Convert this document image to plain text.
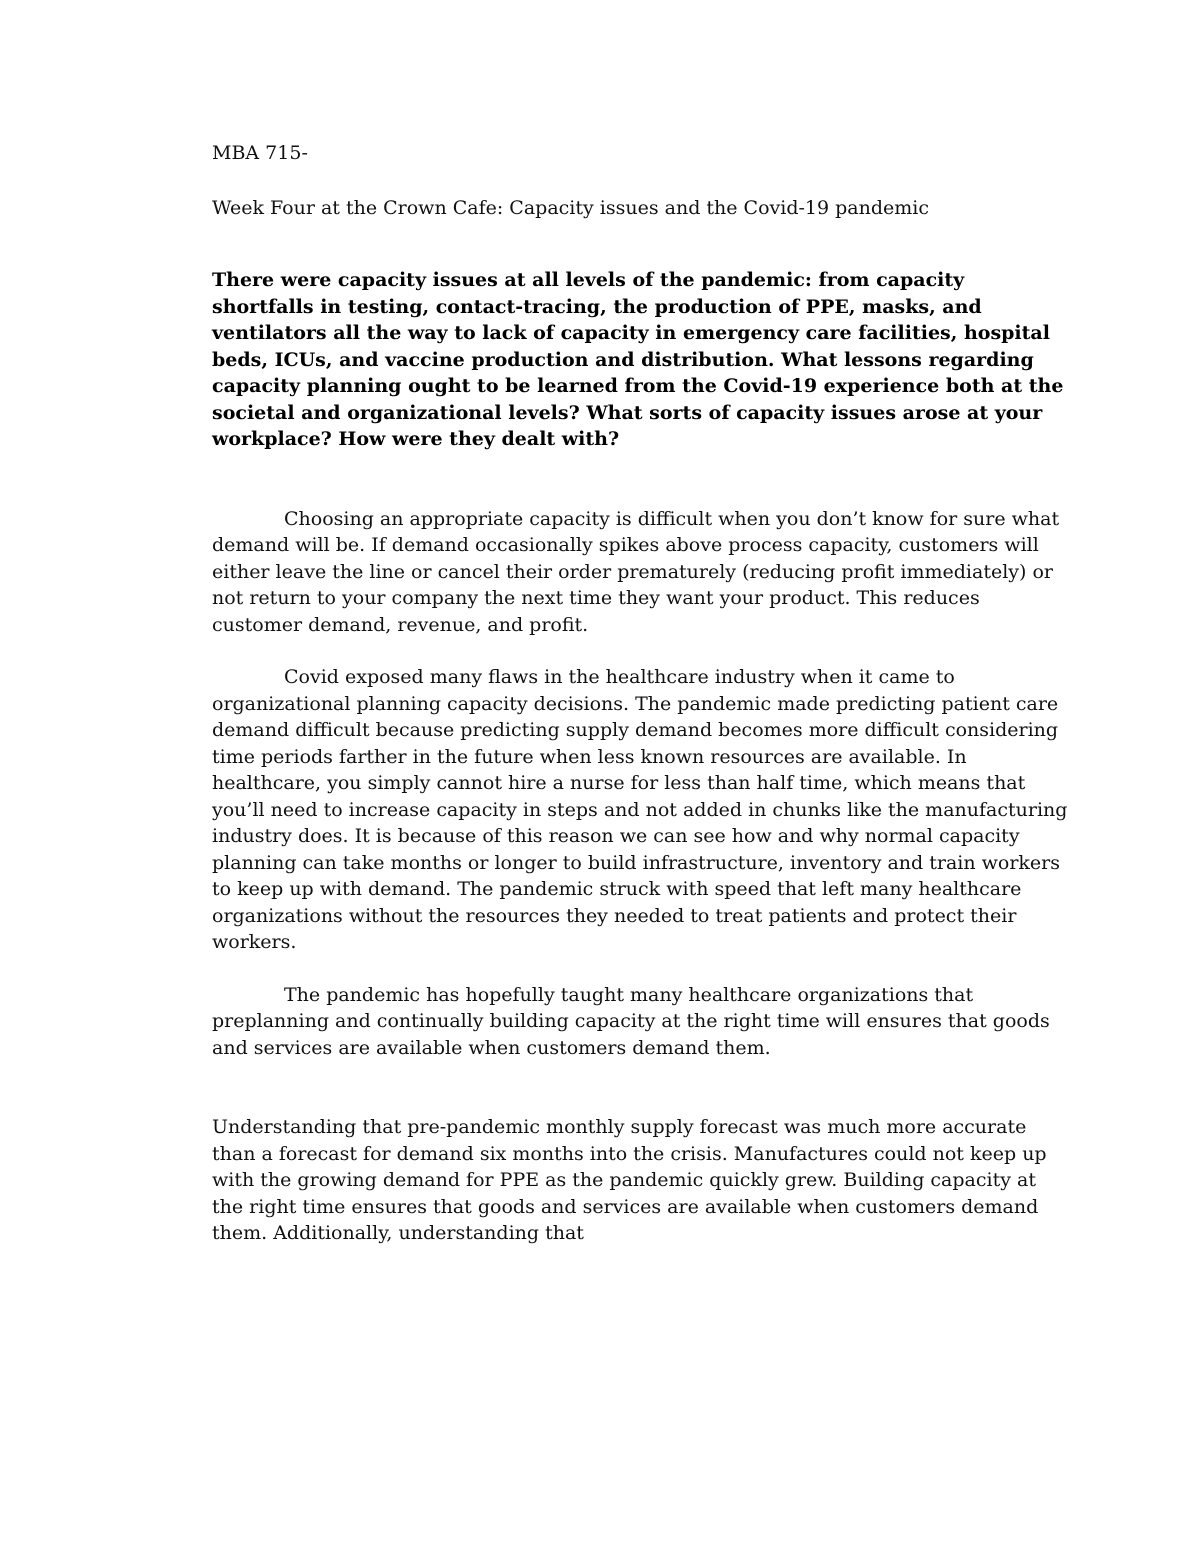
MBA 715-

Week Four at the Crown Cafe: Capacity issues and the Covid-19 pandemic

There were capacity issues at all levels of the pandemic: from capacity shortfalls in testing, contact-tracing, the production of PPE, masks, and ventilators all the way to lack of capacity in emergency care facilities, hospital beds, ICUs, and vaccine production and distribution. What lessons regarding capacity planning ought to be learned from the Covid-19 experience both at the societal and organizational levels? What sorts of capacity issues arose at your workplace? How were they dealt with?

Choosing an appropriate capacity is difficult when you don’t know for sure what demand will be. If demand occasionally spikes above process capacity, customers will either leave the line or cancel their order prematurely (reducing profit immediately) or not return to your company the next time they want your product. This reduces customer demand, revenue, and profit.

Covid exposed many flaws in the healthcare industry when it came to organizational planning capacity decisions. The pandemic made predicting patient care demand difficult because predicting supply demand becomes more difficult considering time periods farther in the future when less known resources are available. In healthcare, you simply cannot hire a nurse for less than half time, which means that you’ll need to increase capacity in steps and not added in chunks like the manufacturing industry does. It is because of this reason we can see how and why normal capacity planning can take months or longer to build infrastructure, inventory and train workers to keep up with demand. The pandemic struck with speed that left many healthcare organizations without the resources they needed to treat patients and protect their workers.

The pandemic has hopefully taught many healthcare organizations that preplanning and continually building capacity at the right time will ensures that goods and services are available when customers demand them.

Understanding that pre-pandemic monthly supply forecast was much more accurate than a forecast for demand six months into the crisis. Manufactures could not keep up with the growing demand for PPE as the pandemic quickly grew. Building capacity at the right time ensures that goods and services are available when customers demand them. Additionally, understanding that
